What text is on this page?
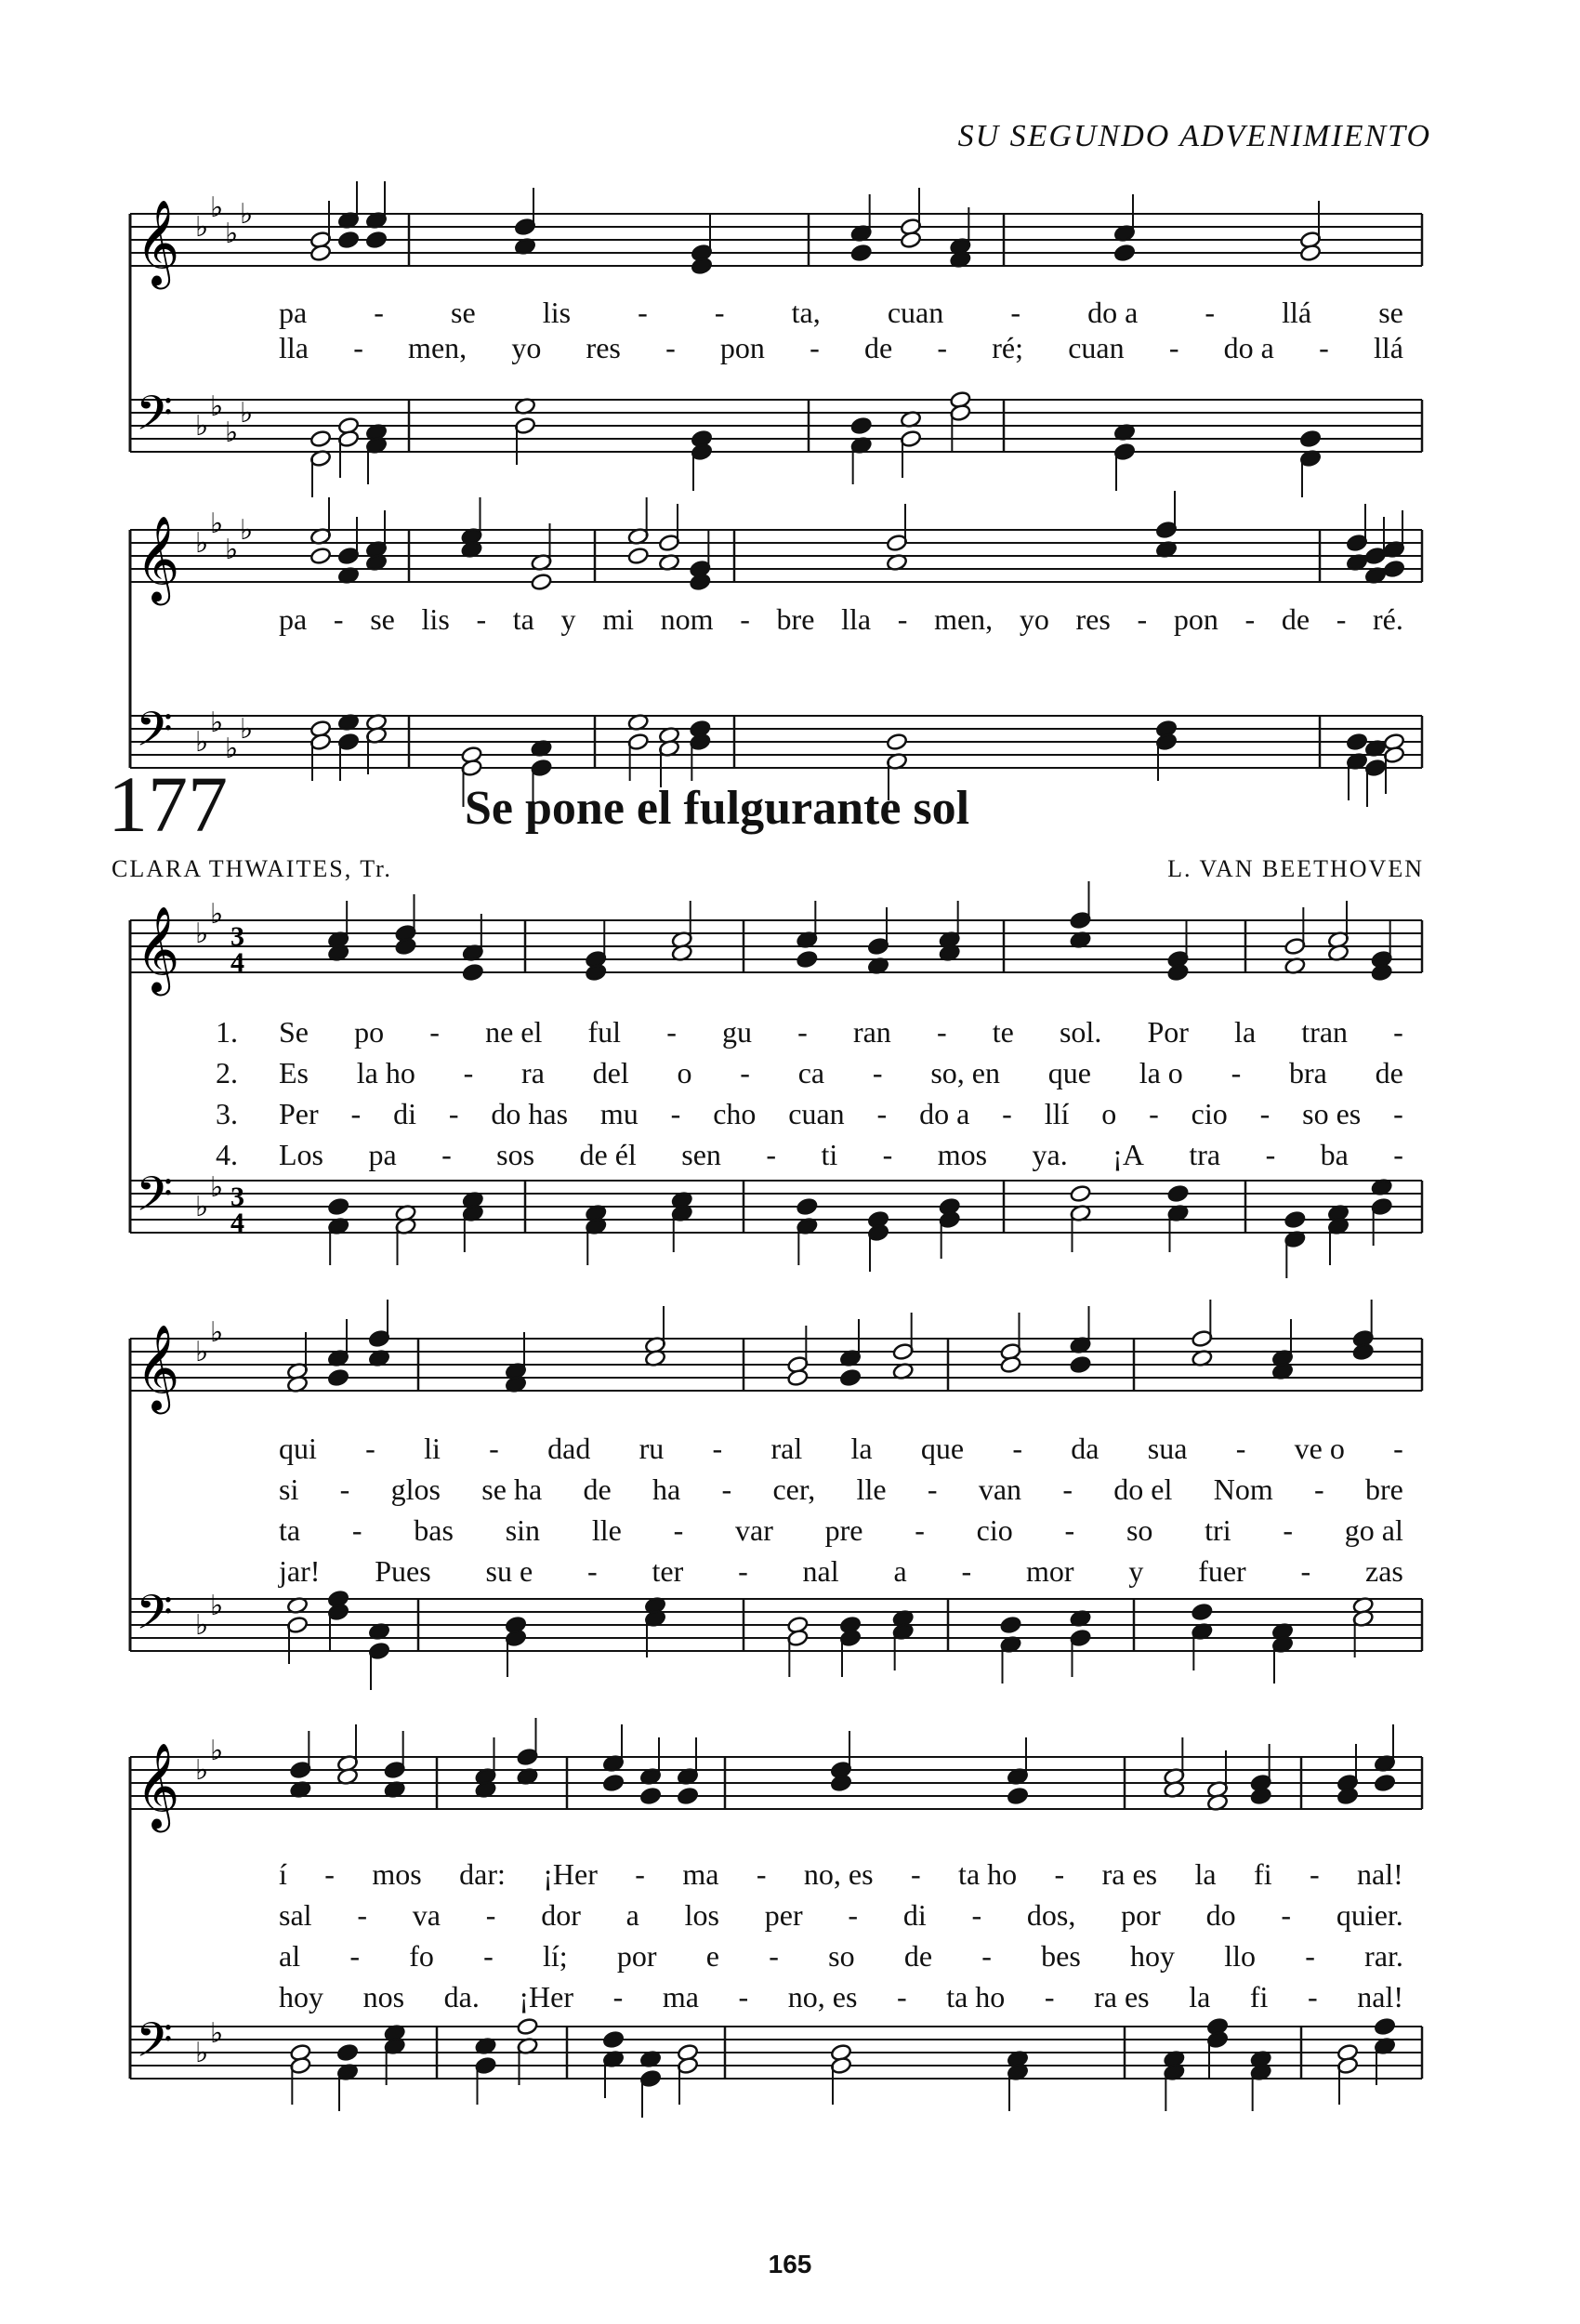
SU SEGUNDO ADVENIMIENTO
𝄞 ♭
♭
♭
♭
𝄢 ♭
♭
♭
♭
pa - se lis - - ta, cuan - do a - llá se
lla - men, yo res - pon - de - ré; cuan - do a - llá
𝄞 ♭
♭
♭
♭
𝄢 ♭
♭
♭
♭
pa - se lis - ta y mi nom - bre lla - men, yo res - pon - de - ré.
177	Se pone el fulgurante sol
CLARA THWAITES, Tr.	L. VAN BEETHOVEN
𝄞 ♭
♭
3
4
𝄢 ♭
♭ 3
4
1. Se po - ne el ful - gu - ran - te sol. Por la tran -
2. Es la ho - ra del o - ca - so, en que la o - bra de
3. Per - di - do has mu - cho cuan - do a - llí o - cio - so es -
4. Los pa - sos de él sen - ti - mos ya. ¡A tra - ba -
𝄞 ♭
♭
𝄢 ♭
♭
qui - li - dad ru - ral la que - da sua - ve o -
si - glos se ha de ha - cer, lle - van - do el Nom - bre
ta - bas sin lle - var pre - cio - so tri - go al
jar! Pues su e - ter - nal a - mor y fuer - zas
𝄞 ♭
♭
𝄢 ♭
♭
í - mos dar: ¡Her - ma - no, es - ta ho - ra es la fi - nal!
sal - va - dor a los per - di - dos, por do - quier.
al - fo - lí; por e - so de - bes hoy llo - rar.
hoy nos da. ¡Her - ma - no, es - ta ho - ra es la fi - nal!
165
